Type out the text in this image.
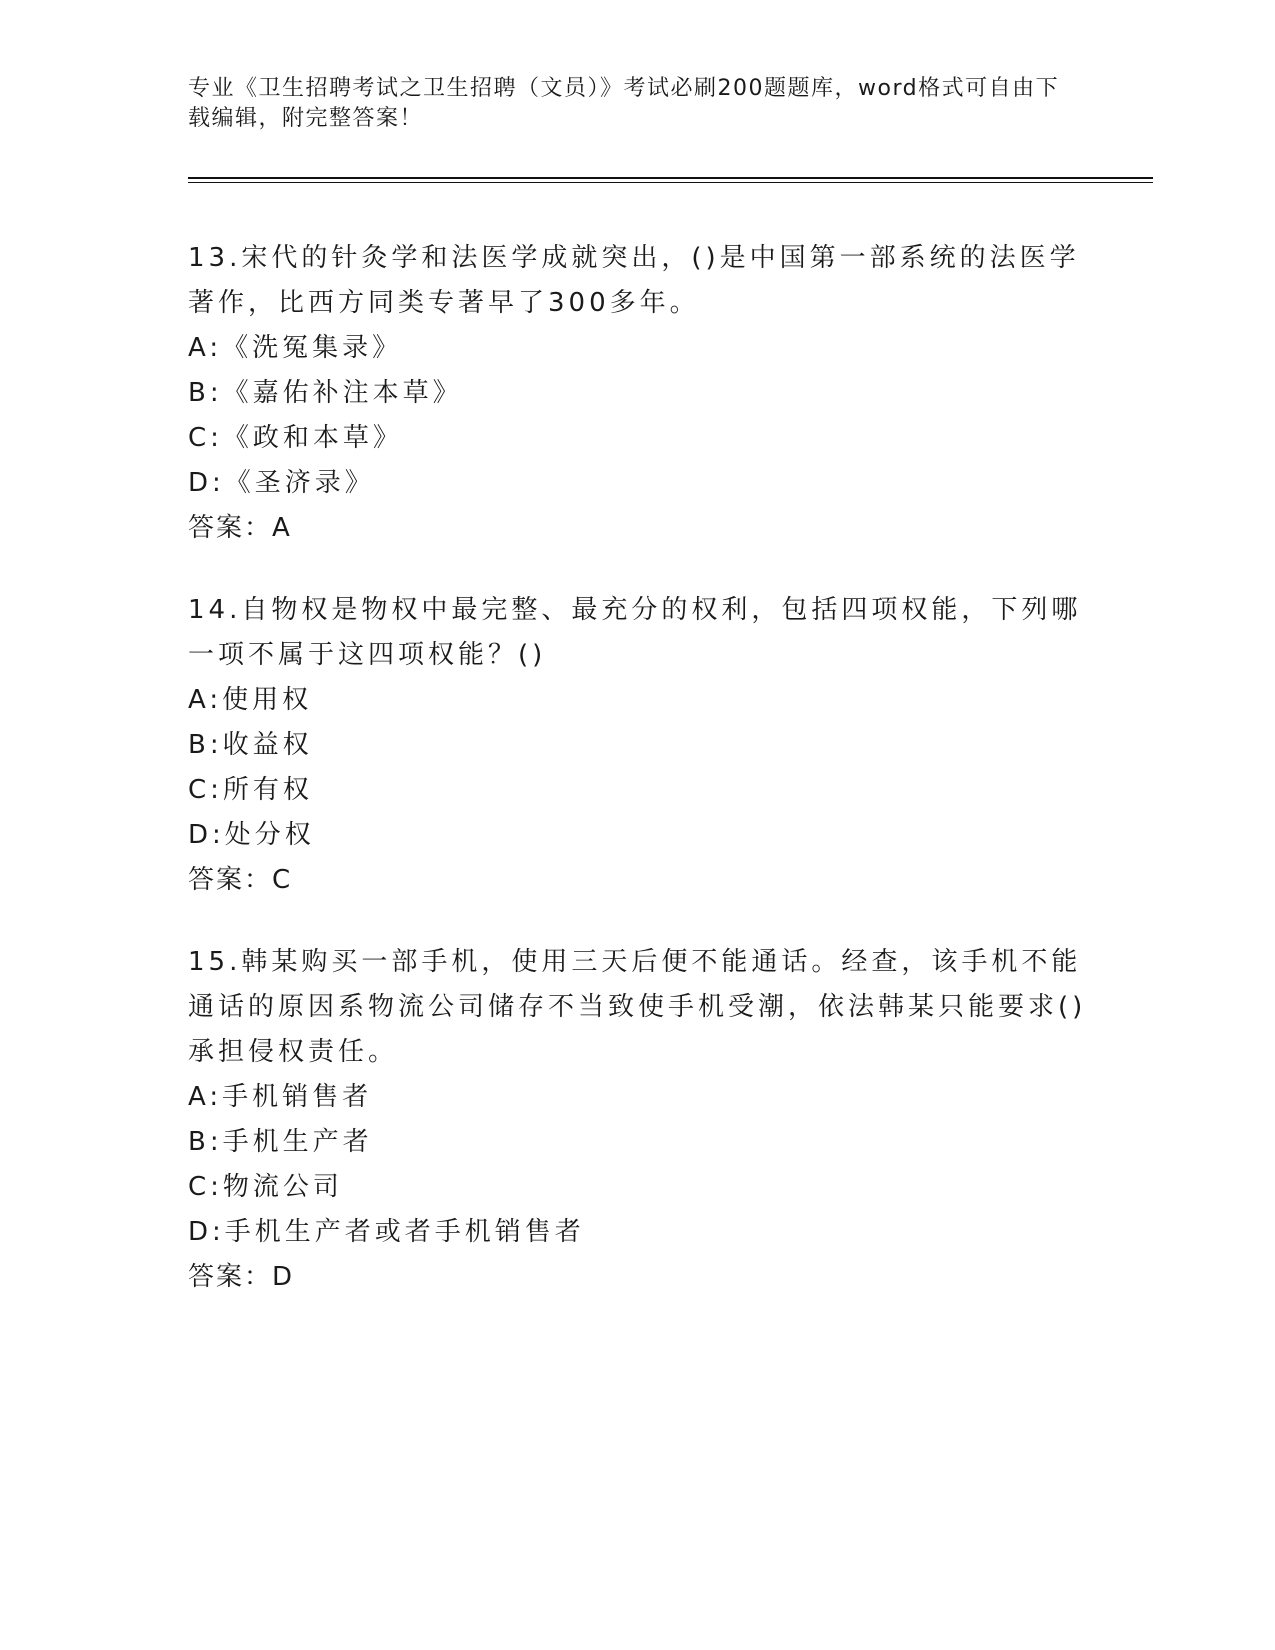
专业《卫生招聘考试之卫生招聘（文员）》考试必刷200题题库，word格式可自由下载编辑，附完整答案！

13.宋代的针灸学和法医学成就突出，()是中国第一部系统的法医学著作，比西方同类专著早了300多年。

A:《洗冤集录》

B:《嘉佑补注本草》

C:《政和本草》

D:《圣济录》

答案：A

14.自物权是物权中最完整、最充分的权利，包括四项权能，下列哪一项不属于这四项权能？()

A:使用权

B:收益权

C:所有权

D:处分权

答案：C

15.韩某购买一部手机，使用三天后便不能通话。经查，该手机不能通话的原因系物流公司储存不当致使手机受潮，依法韩某只能要求()承担侵权责任。

A:手机销售者

B:手机生产者

C:物流公司

D:手机生产者或者手机销售者

答案：D
